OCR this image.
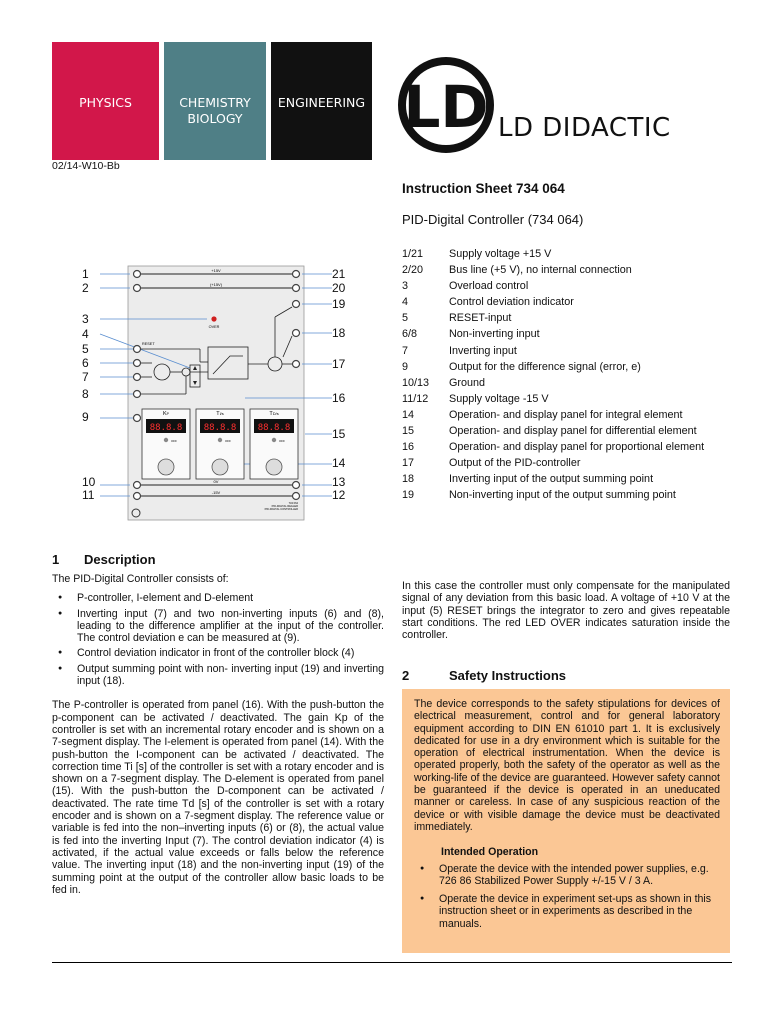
PHYSICS	CHEMISTRY
BIOLOGY
ENGINEERING LD LD DIDACTIC
02/14-W10-Bb
Instruction Sheet 734 064
PID-Digital Controller (734 064)
1/21 Supply voltage +15 V
2/20 Bus line (+5 V), no internal connection
3	Overload control
4	Control deviation indicator
5	RESET-input
6/8	Non-inverting input
7	Inverting input
9	Output for the difference signal (error, e)
10/13 Ground
11/12 Supply voltage -15 V
14	Operation- and display panel for integral element
15	Operation- and display panel for differential element
16	Operation- and display panel for proportional element
17	Output of the PID-controller
18	Inverting input of the output summing point
19	Non-inverting input of the output summing point
+15V
(+15V)
0V
-15V
OVER
RESET
KP	TI/s	TD/s
88.8.8 88.8.8 88.8.8
OFF	OFF	OFF
734 064 PID-DIGITAL REGLER PID-DIGITAL CONTROLLER
1
2
3
4
5
6
7
8
9
10
11
21
20
19
18
17
16
15
14
13
12
1 Description
The PID-Digital Controller consists of:
● P-controller, I-element and D-element
● Inverting input (7) and two non-inverting inputs (6) and (8), leading to the difference amplifier at the input of the controller. The control deviation e can be measured at (9).
● Control deviation indicator in front of the controller block (4)
● Output summing point with non- inverting input (19) and inverting input (18).
The P-controller is operated from panel (16). With the push-button the p-component can be activated / deactivated. The gain Kp of the controller is set with an incremental rotary encoder and is shown on a 7-segment display. The I-element is operated from panel (14). With the push-button the I-component can be activated / deactivated. The correction time Ti [s] of the controller is set with a rotary encoder and is shown on a 7-segment display. The D-element is operated from panel (15). With the push-button the D-component can be activated / deactivated. The rate time Td [s] of the controller is set with a rotary encoder and is shown on a 7-segment display. The reference value or variable is fed into the non–inverting inputs (6) or (8), the actual value is fed into the inverting Input (7). The control deviation indicator (4) is activated, if the actual value exceeds or falls below the reference value. The inverting input (18) and the non-inverting input (19) of the summing point at the output of the controller allow basic loads to be fed in.
In this case the controller must only compensate for the manipulated signal of any deviation from this basic load. A voltage of +10 V at the input (5) RESET brings the integrator to zero and gives repeatable start conditions. The red LED OVER indicates saturation inside the controller.
2	Safety Instructions
The device corresponds to the safety stipulations for devices of electrical measurement, control and for general laboratory equipment according to DIN EN 61010 part 1. It is exclusively dedicated for use in a dry environment which is suitable for the operation of electrical instrumentation. When the device is operated properly, both the safety of the operator as well as the working-life of the device are guaranteed. However safety cannot be guaranteed if the device is operated in an uneducated manner or careless. In case of any suspicious reaction of the device or with visible damage the device must be deactivated immediately.
Intended Operation
● Operate the device with the intended power supplies, e.g. 726 86 Stabilized Power Supply +/-15 V / 3 A.
● Operate the device in experiment set-ups as shown in this instruction sheet or in experiments as described in the manuals.
